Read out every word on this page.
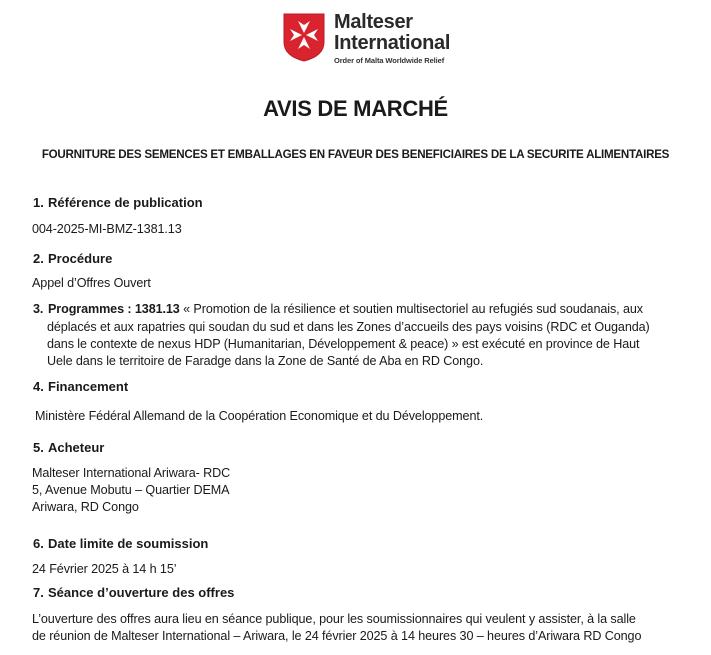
Malteser
International
Order of Malta Worldwide Relief
AVIS DE MARCHÉ
FOURNITURE DES SEMENCES ET EMBALLAGES EN FAVEUR DES BENEFICIAIRES DE LA SECURITE ALIMENTAIRES
1. Référence de publication
004-2025-MI-BMZ-1381.13
2. Procédure
Appel d’Offres Ouvert
3. Programmes : 1381.13 « Promotion de la résilience et soutien multisectoriel au refugiés sud soudanais, aux
déplacés et aux rapatries qui soudan du sud et dans les Zones d’accueils des pays voisins (RDC et Ouganda)
dans le contexte de nexus HDP (Humanitarian, Développement & peace) » est exécuté en province de Haut
Uele dans le territoire de Faradge dans la Zone de Santé de Aba en RD Congo.
4. Financement
Ministère Fédéral Allemand de la Coopération Economique et du Développement.
5. Acheteur
Malteser International Ariwara- RDC
5, Avenue Mobutu – Quartier DEMA
Ariwara, RD Congo
6. Date limite de soumission
24 Février 2025 à 14 h 15’
7. Séance d’ouverture des offres
L’ouverture des offres aura lieu en séance publique, pour les soumissionnaires qui veulent y assister, à la salle
de réunion de Malteser International – Ariwara, le 24 février 2025 à 14 heures 30 – heures d’Ariwara RD Congo
